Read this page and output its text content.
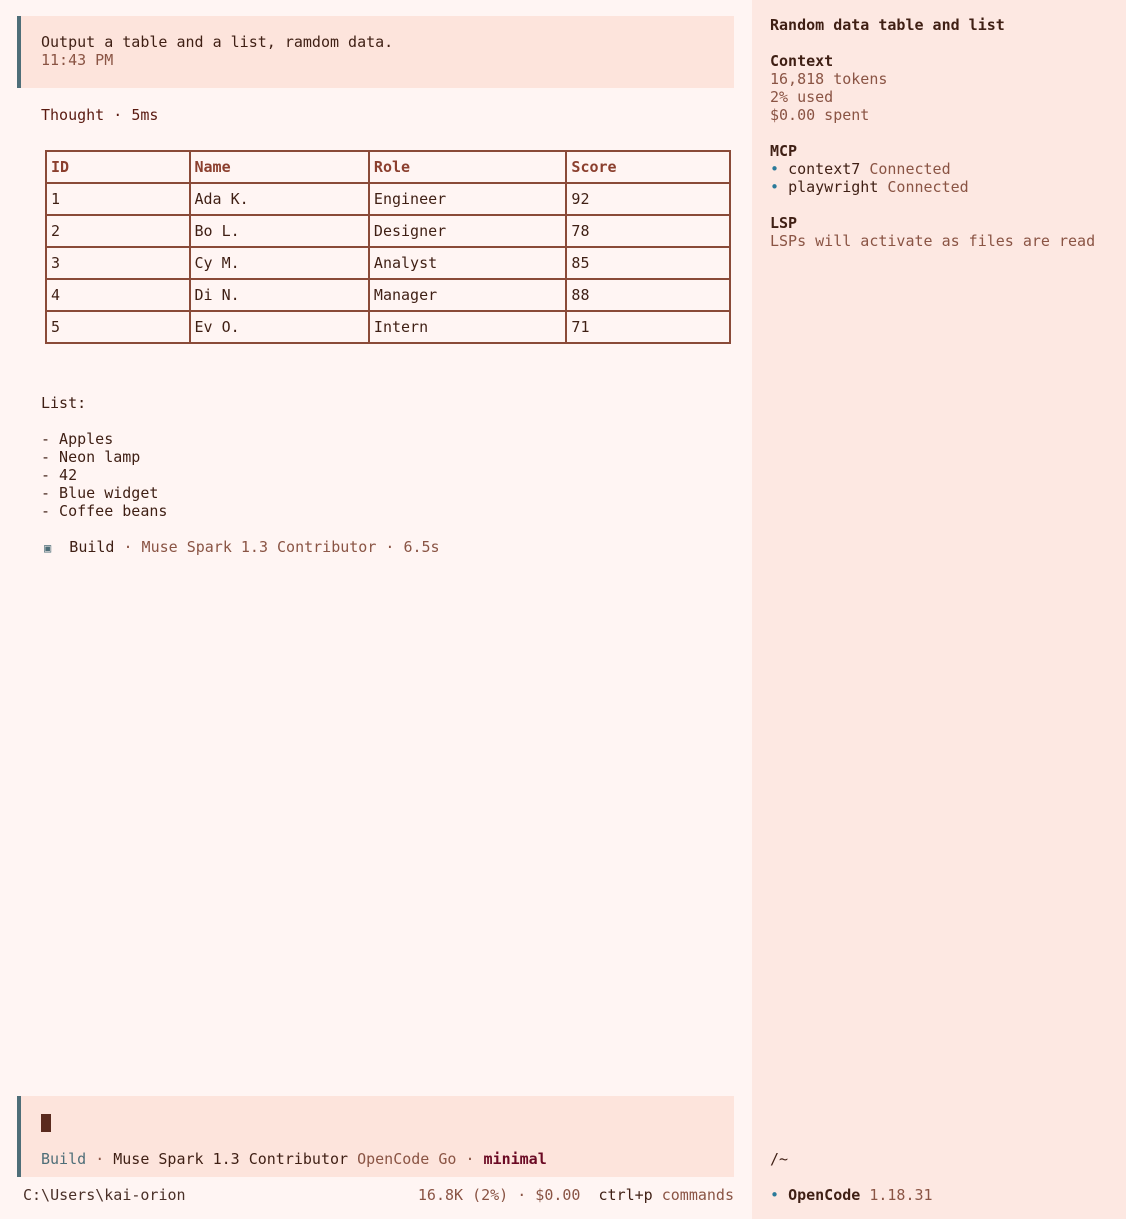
Output a table and a list, ramdom data.
11:43 PM
Thought · 5ms
ID	Name	Role	Score
1	Ada K.	Engineer	92
2	Bo L.	Designer	78
3	Cy M.	Analyst	85
4	Di N.	Manager	88
5	Ev O.	Intern	71
List:
- Apples
- Neon lamp
- 42
- Blue widget
- Coffee beans
▣ Build · Muse Spark 1.3 Contributor · 6.5s
Build · Muse Spark 1.3 Contributor OpenCode Go · minimal
C:\Users\kai-orion	16.8K (2%) · $0.00 ctrl+p commands
Random data table and list
Context
16,818 tokens
2% used
$0.00 spent
MCP
• context7 Connected
• playwright Connected
LSP
LSPs will activate as files are read
/~
• OpenCode 1.18.31
